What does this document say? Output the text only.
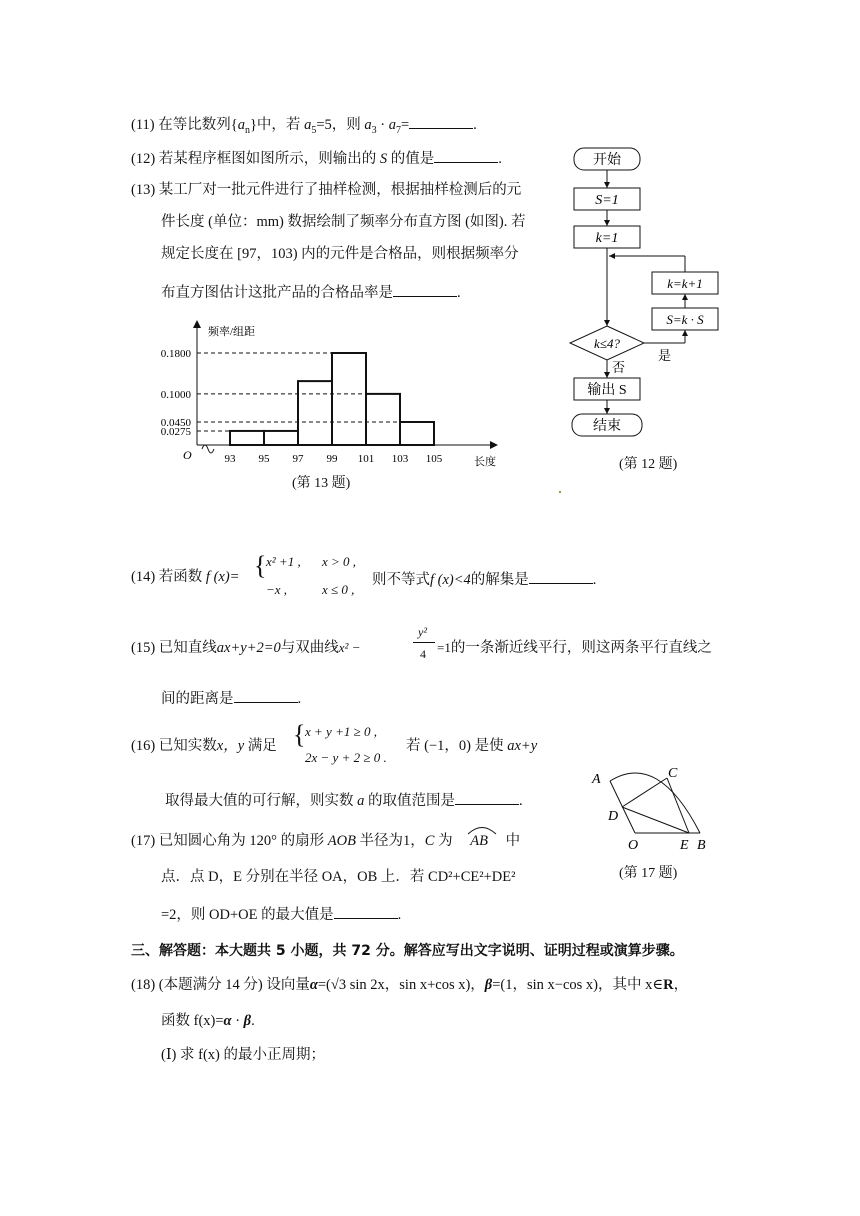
(11) 在等比数列$\{a_n\}$中，若 $a_5=5$，则 $a_3 \cdot a_7=$	.
(12) 若某程序框图如图所示，则输出的 S 的值是	.
(13) 某工厂对一批元件进行了抽样检测，根据抽样检测后的元
件长度 (单位：mm) 数据绘制了频率分布直方图 (如图). 若
规定长度在 [97，103) 内的元件是合格品，则根据频率分
布直方图估计这批产品的合格品率是	.
0.1800
0.1000
0.0450
0.0275
93 95 97 99 101 103 105
O
频率/组距
长度
(第 13 题)
开始
S=1
k=1
k≤4?
是
S=k · S
k=k+1
否
输出 S
结束
(第 12 题)
(14) 若函数 f (x)= { x² +1 , x > 0 ,
−x ,	x ≤ 0 ,
则不等式f (x)<4的解集是	.
(15) 已知直线ax+y+2=0与双曲线x² −
y²
4 =1的一条渐近线平行，则这两条平行直线之
间的距离是	.
(16) 已知实数x，y 满足 { x + y +1 ≥ 0 ,
2x − y + 2 ≥ 0 .
若 (−1，0) 是使 ax+y
取得最大值的可行解，则实数 a 的取值范围是	.
(17) 已知圆心角为 120° 的扇形 AOB 半径为1，C 为 AB 中
点．点 D，E 分别在半径 OA，OB 上．若 CD²+CE²+DE²
=2，则 OD+OE 的最大值是	.
A	C
D
O	E B
(第 17 题)
三、解答题：本大题共 5 小题，共 72 分。解答应写出文字说明、证明过程或演算步骤。
(18) (本题满分 14 分) 设向量α=(√3 sin 2x，sin x+cos x)，β=(1，sin x−cos x)，其中 x∈R，
函数 f(x)=α · β.
(Ⅰ) 求 f(x) 的最小正周期；
